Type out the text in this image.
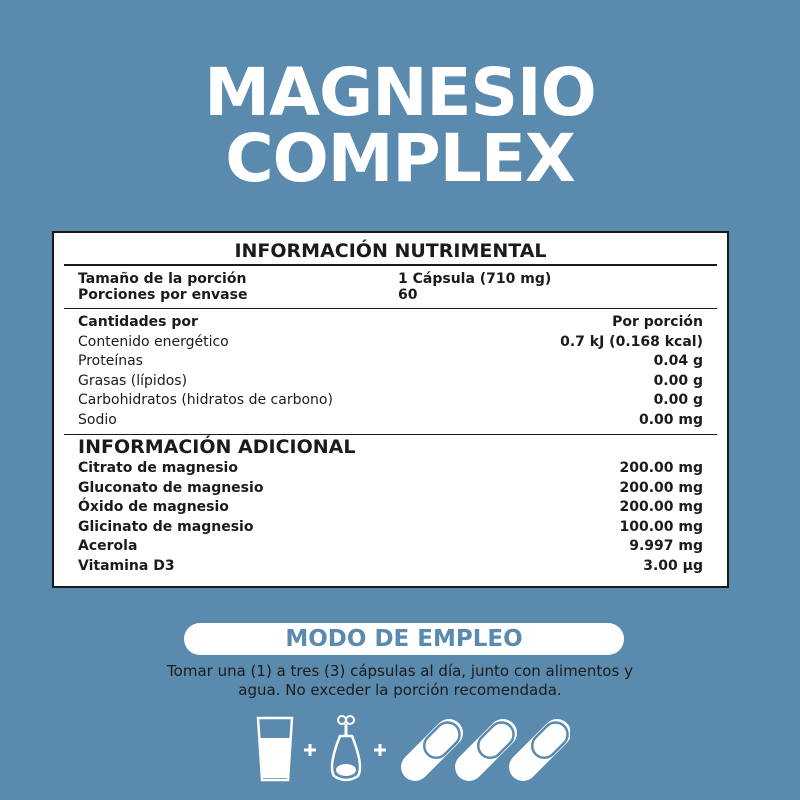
MAGNESIO
COMPLEX
INFORMACIÓN NUTRIMENTAL
Tamaño de la porción	1 Cápsula (710 mg)
Porciones por envase	60
Cantidades por	Por porción
Contenido energético	0.7 kJ (0.168 kcal)
Proteínas	0.04 g
Grasas (lípidos)	0.00 g
Carbohidratos (hidratos de carbono)	0.00 g
Sodio	0.00 mg
INFORMACIÓN ADICIONAL
Citrato de magnesio	200.00 mg
Gluconato de magnesio	200.00 mg
Óxido de magnesio	200.00 mg
Glicinato de magnesio	100.00 mg
Acerola	9.997 mg
Vitamina D3	3.00 μg
MODO DE EMPLEO
Tomar una (1) a tres (3) cápsulas al día, junto con alimentos y
agua. No exceder la porción recomendada.
